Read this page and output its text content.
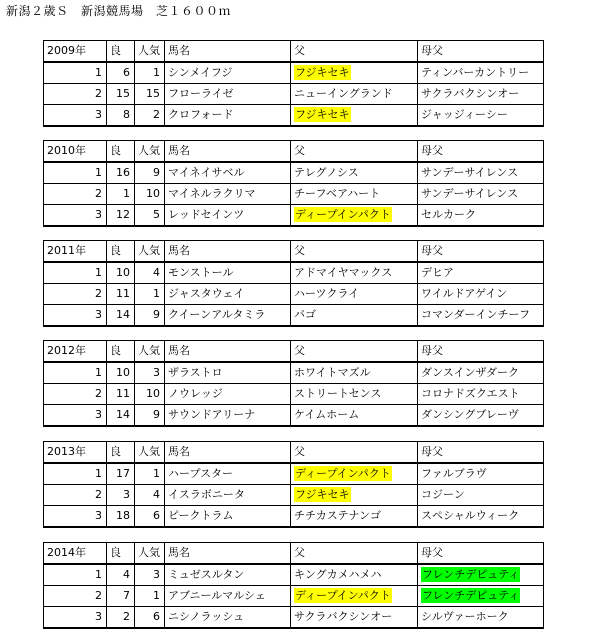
新潟２歳Ｓ　新潟競馬場　芝１６００ｍ
2009年	良	人気	馬名	父	母父
1	6	1	シンメイフジ	フジキセキ	ティンバーカントリー
2	15	15	フローライゼ	ニューイングランド	サクラバクシンオー
3	8	2	クロフォード	フジキセキ	ジャッジィーシー
2010年	良	人気	馬名	父	母父
1	16	9	マイネイサベル	テレグノシス	サンデーサイレンス
2	1	10	マイネルラクリマ	チーフベアハート	サンデーサイレンス
3	12	5	レッドセインツ	ディープインパクト	セルカーク
2011年	良	人気	馬名	父	母父
1	10	4	モンストール	アドマイヤマックス	デヒア
2	11	1	ジャスタウェイ	ハーツクライ	ワイルドアゲイン
3	14	9	クイーンアルタミラ	バゴ	コマンダーインチーフ
2012年	良	人気	馬名	父	母父
1	10	3	ザラストロ	ホワイトマズル	ダンスインザダーク
2	11	10	ノウレッジ	ストリートセンス	コロナドズクエスト
3	14	9	サウンドアリーナ	ケイムホーム	ダンシングブレーヴ
2013年	良	人気	馬名	父	母父
1	17	1	ハープスター	ディープインパクト	ファルブラヴ
2	3	4	イスラボニータ	フジキセキ	コジーン
3	18	6	ピークトラム	チチカステナンゴ	スペシャルウィーク
2014年	良	人気	馬名	父	母父
1	4	3	ミュゼスルタン	キングカメハメハ	フレンチデピュティ
2	7	1	アブニールマルシェ	ディープインパクト	フレンチデピュティ
3	2	6	ニシノラッシュ	サクラバクシンオー	シルヴァーホーク
